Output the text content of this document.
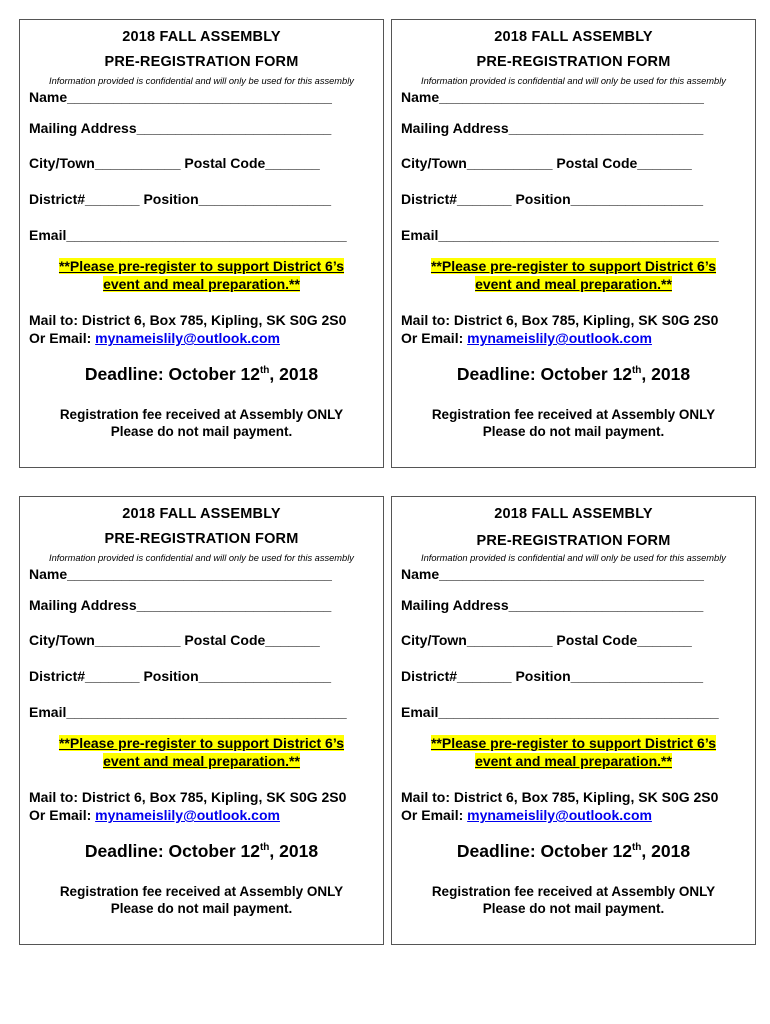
2018 FALL ASSEMBLY
PRE-REGISTRATION FORM
Information provided is confidential and will only be used for this assembly
Name__________________________________
Mailing Address_________________________
City/Town___________ Postal Code_______
District#_______ Position_________________
Email____________________________________
**Please pre-register to support District 6’s
event and meal preparation.**
Mail to: District 6, Box 785, Kipling, SK S0G 2S0
Or Email: mynameislily@outlook.com
Deadline: October 12th, 2018
Registration fee received at Assembly ONLY
Please do not mail payment.
2018 FALL ASSEMBLY
PRE-REGISTRATION FORM
Information provided is confidential and will only be used for this assembly
Name__________________________________
Mailing Address_________________________
City/Town___________ Postal Code_______
District#_______ Position_________________
Email____________________________________
**Please pre-register to support District 6’s
event and meal preparation.**
Mail to: District 6, Box 785, Kipling, SK S0G 2S0
Or Email: mynameislily@outlook.com
Deadline: October 12th, 2018
Registration fee received at Assembly ONLY
Please do not mail payment.
2018 FALL ASSEMBLY
PRE-REGISTRATION FORM
Information provided is confidential and will only be used for this assembly
Name__________________________________
Mailing Address_________________________
City/Town___________ Postal Code_______
District#_______ Position_________________
Email____________________________________
**Please pre-register to support District 6’s
event and meal preparation.**
Mail to: District 6, Box 785, Kipling, SK S0G 2S0
Or Email: mynameislily@outlook.com
Deadline: October 12th, 2018
Registration fee received at Assembly ONLY
Please do not mail payment.
2018 FALL ASSEMBLY
PRE-REGISTRATION FORM
Information provided is confidential and will only be used for this assembly
Name__________________________________
Mailing Address_________________________
City/Town___________ Postal Code_______
District#_______ Position_________________
Email____________________________________
**Please pre-register to support District 6’s
event and meal preparation.**
Mail to: District 6, Box 785, Kipling, SK S0G 2S0
Or Email: mynameislily@outlook.com
Deadline: October 12th, 2018
Registration fee received at Assembly ONLY
Please do not mail payment.
